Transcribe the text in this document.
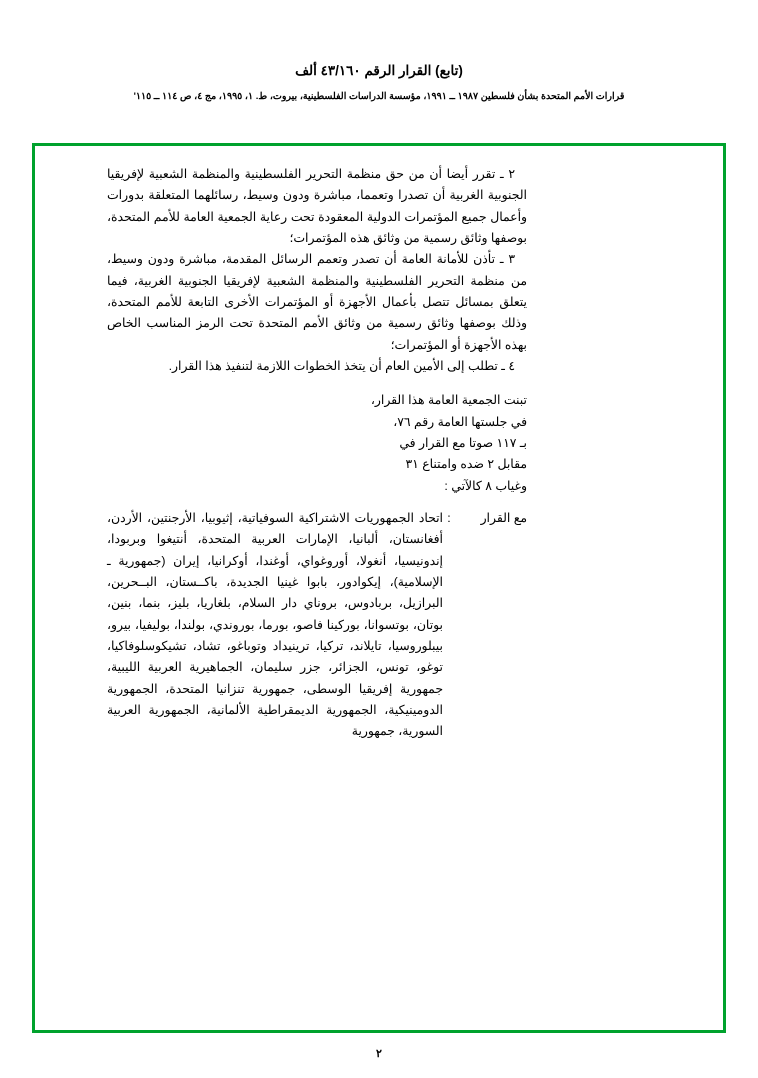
(تابع) القرار الرقم ٤٣/١٦٠ ألف
قرارات الأمم المتحدة بشأن فلسطين ١٩٨٧ ــ ١٩٩١، مؤسسة الدراسات الفلسطينية، بيروت، ط. ١، ١٩٩٥، مج ٤، ص ١١٤ ــ ١١٥'

٢ ـ تقرر أيضا أن من حق منظمة التحرير الفلسطينية والمنظمة الشعبية لإفريقيا الجنوبية الغربية أن تصدرا وتعمما، مباشرة ودون وسيط، رسائلهما المتعلقة بدورات وأعمال جميع المؤتمرات الدولية المعقودة تحت رعاية الجمعية العامة للأمم المتحدة، بوصفها وثائق رسمية من وثائق هذه المؤتمرات؛

٣ ـ تأذن للأمانة العامة أن تصدر وتعمم الرسائل المقدمة، مباشرة ودون وسيط، من منظمة التحرير الفلسطينية والمنظمة الشعبية لإفريقيا الجنوبية الغربية، فيما يتعلق بمسائل تتصل بأعمال الأجهزة أو المؤتمرات الأخرى التابعة للأمم المتحدة، وذلك بوصفها وثائق رسمية من وثائق الأمم المتحدة تحت الرمز المناسب الخاص بهذه الأجهزة أو المؤتمرات؛

٤ ـ تطلب إلى الأمين العام أن يتخذ الخطوات اللازمة لتنفيذ هذا القرار.

تبنت الجمعية العامة هذا القرار،

في جلستها العامة رقم ٧٦،

بـ ١١٧ صوتا مع القرار في

مقابل ٢ ضده وامتناع ٣١

وغياب ٨ كالآتي :

مع القرار
:
اتحاد الجمهوريات الاشتراكية السوفياتية، إثيوبيا، الأرجنتين، الأردن، أفغانستان، ألبانيا، الإمارات العربية المتحدة، أنتيغوا وبربودا، إندونيسيا، أنغولا، أوروغواي، أوغندا، أوكرانيا، إيران (جمهورية ـ الإسلامية)، إيكوادور، بابوا غينيا الجديدة، باكــستان، البــحرين، البرازيل، بربادوس، بروناي دار السلام، بلغاريا، بليز، بنما، بنين، بوتان، بوتسوانا، بوركينا فاصو، بورما، بوروندي، بولندا، بوليفيا، بيرو، بيبلوروسيا، تايلاند، تركيا، ترينيداد وتوباغو، تشاد، تشيكوسلوفاكيا، توغو، تونس، الجزائر، جزر سليمان، الجماهيرية العربية الليبية، جمهورية إفريقيا الوسطى، جمهورية تنزانيا المتحدة، الجمهورية الدومينيكية، الجمهورية الديمقراطية الألمانية، الجمهورية العربية السورية، جمهورية
٢
